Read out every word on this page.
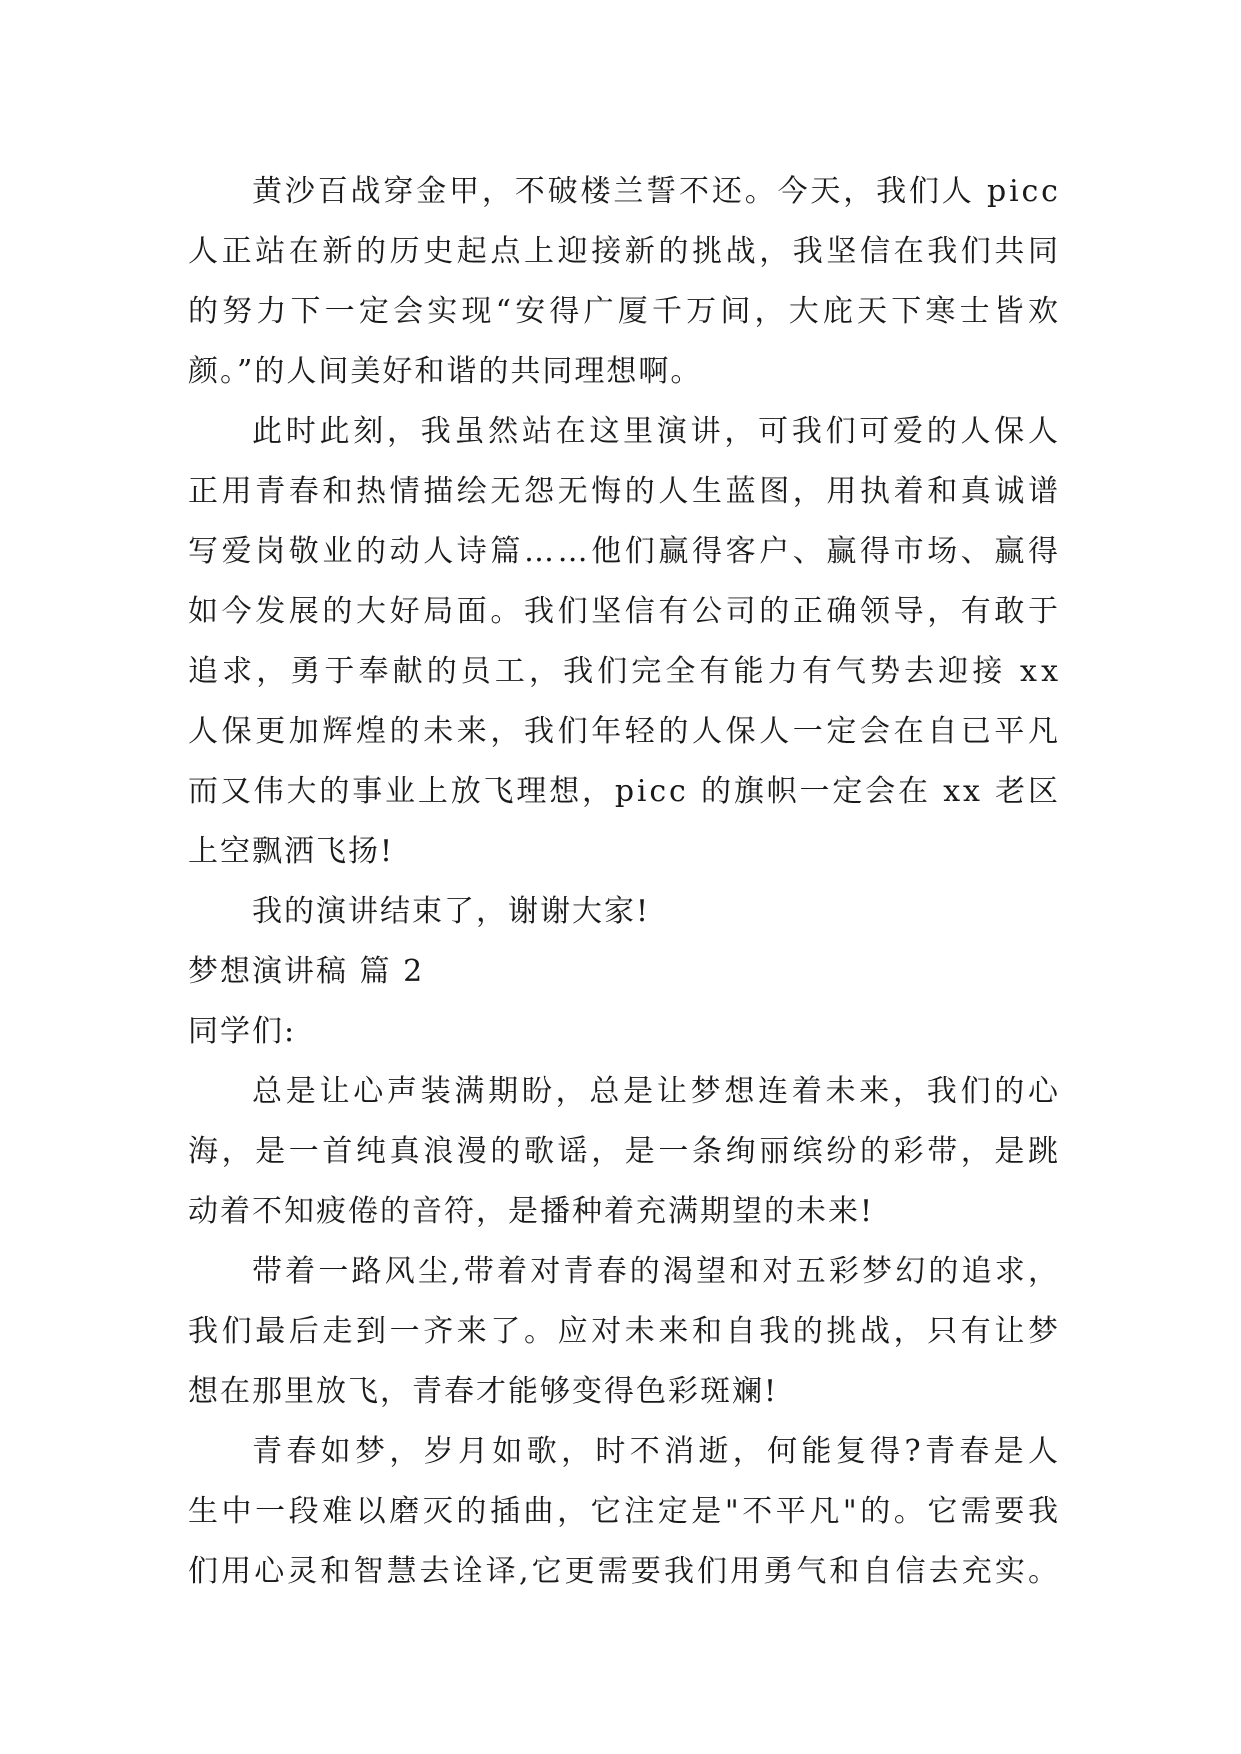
黄沙百战穿金甲，不破楼兰誓不还。今天，我们人 picc
人正站在新的历史起点上迎接新的挑战，我坚信在我们共同
的努力下一定会实现“安得广厦千万间，大庇天下寒士皆欢
颜。”的人间美好和谐的共同理想啊。
此时此刻，我虽然站在这里演讲，可我们可爱的人保人
正用青春和热情描绘无怨无悔的人生蓝图，用执着和真诚谱
写爱岗敬业的动人诗篇……他们赢得客户、赢得市场、赢得
如今发展的大好局面。我们坚信有公司的正确领导，有敢于
追求，勇于奉献的员工，我们完全有能力有气势去迎接 xx
人保更加辉煌的未来，我们年轻的人保人一定会在自已平凡
而又伟大的事业上放飞理想，picc 的旗帜一定会在 xx 老区
上空飘洒飞扬!
我的演讲结束了，谢谢大家!
梦想演讲稿 篇 2
同学们:
总是让心声装满期盼，总是让梦想连着未来，我们的心
海，是一首纯真浪漫的歌谣，是一条绚丽缤纷的彩带，是跳
动着不知疲倦的音符，是播种着充满期望的未来!
带着一路风尘,带着对青春的渴望和对五彩梦幻的追求，
我们最后走到一齐来了。应对未来和自我的挑战，只有让梦
想在那里放飞，青春才能够变得色彩斑斓!
青春如梦，岁月如歌，时不消逝，何能复得?青春是人
生中一段难以磨灭的插曲，它注定是"不平凡"的。它需要我
们用心灵和智慧去诠译,它更需要我们用勇气和自信去充实。
